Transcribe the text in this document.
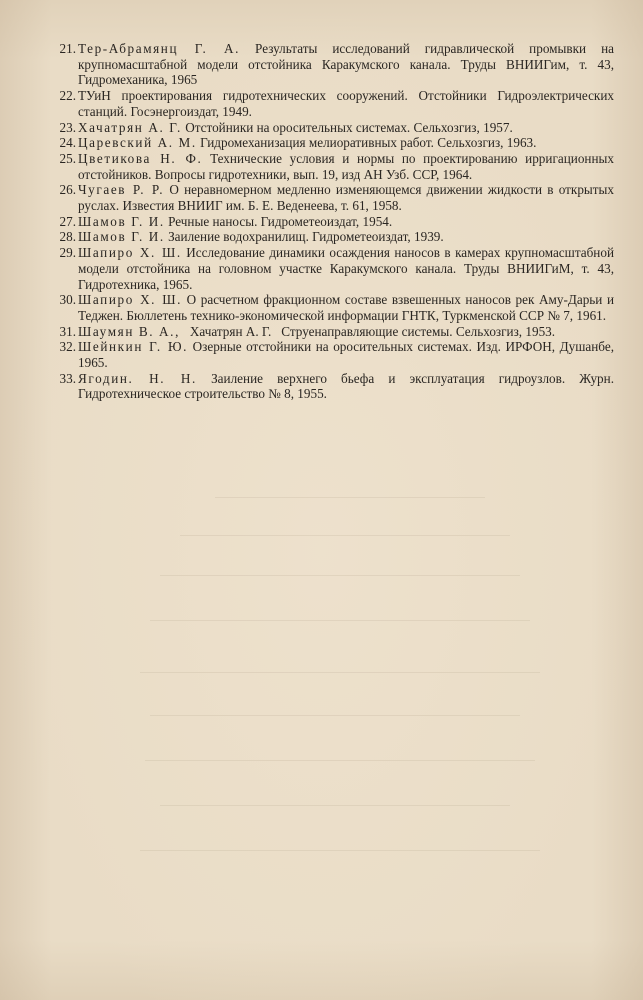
21. Тер-Абрамянц Г. А. Результаты исследований гидравлической промывки на крупномасштабной модели отстойника Каракумского канала. Труды ВНИИГим, т. 43, Гидромеханика, 1965
22. ТУиН проектирования гидротехнических сооружений. Отстойники Гидроэлектрических станций. Госэнергоиздат, 1949.
23. Хачатрян А. Г. Отстойники на оросительных системах. Сельхозгиз, 1957.
24. Царевский А. М. Гидромеханизация мелиоративных работ. Сельхозгиз, 1963.
25. Цветикова Н. Ф. Технические условия и нормы по проектированию ирригационных отстойников. Вопросы гидротехники, вып. 19, изд АН Узб. ССР, 1964.
26. Чугаев Р. Р. О неравномерном медленно изменяющемся движении жидкости в открытых руслах. Известия ВНИИГ им. Б. Е. Веденеева, т. 61, 1958.
27. Шамов Г. И. Речные наносы. Гидрометеоиздат, 1954.
28. Шамов Г. И. Заиление водохранилищ. Гидрометеоиздат, 1939.
29. Шапиро Х. Ш. Исследование динамики осаждения наносов в камерах крупномасштабной модели отстойника на головном участке Каракумского канала. Труды ВНИИГиМ, т. 43, Гидротехника, 1965.
30. Шапиро Х. Ш. О расчетном фракционном составе взвешенных наносов рек Аму-Дарьи и Теджен. Бюллетень технико-экономической информации ГНТК, Туркменской ССР № 7, 1961.
31. Шаумян В. А.,   Хачатрян А. Г.   Струенаправляющие системы. Сельхозгиз, 1953.
32. Шейнкин Г. Ю. Озерные отстойники на оросительных системах. Изд. ИРФОН, Душанбе, 1965.
33. Ягодин. Н. Н. Заиление верхнего бьефа и эксплуатация гидроузлов. Журн. Гидротехническое строительство № 8, 1955.
